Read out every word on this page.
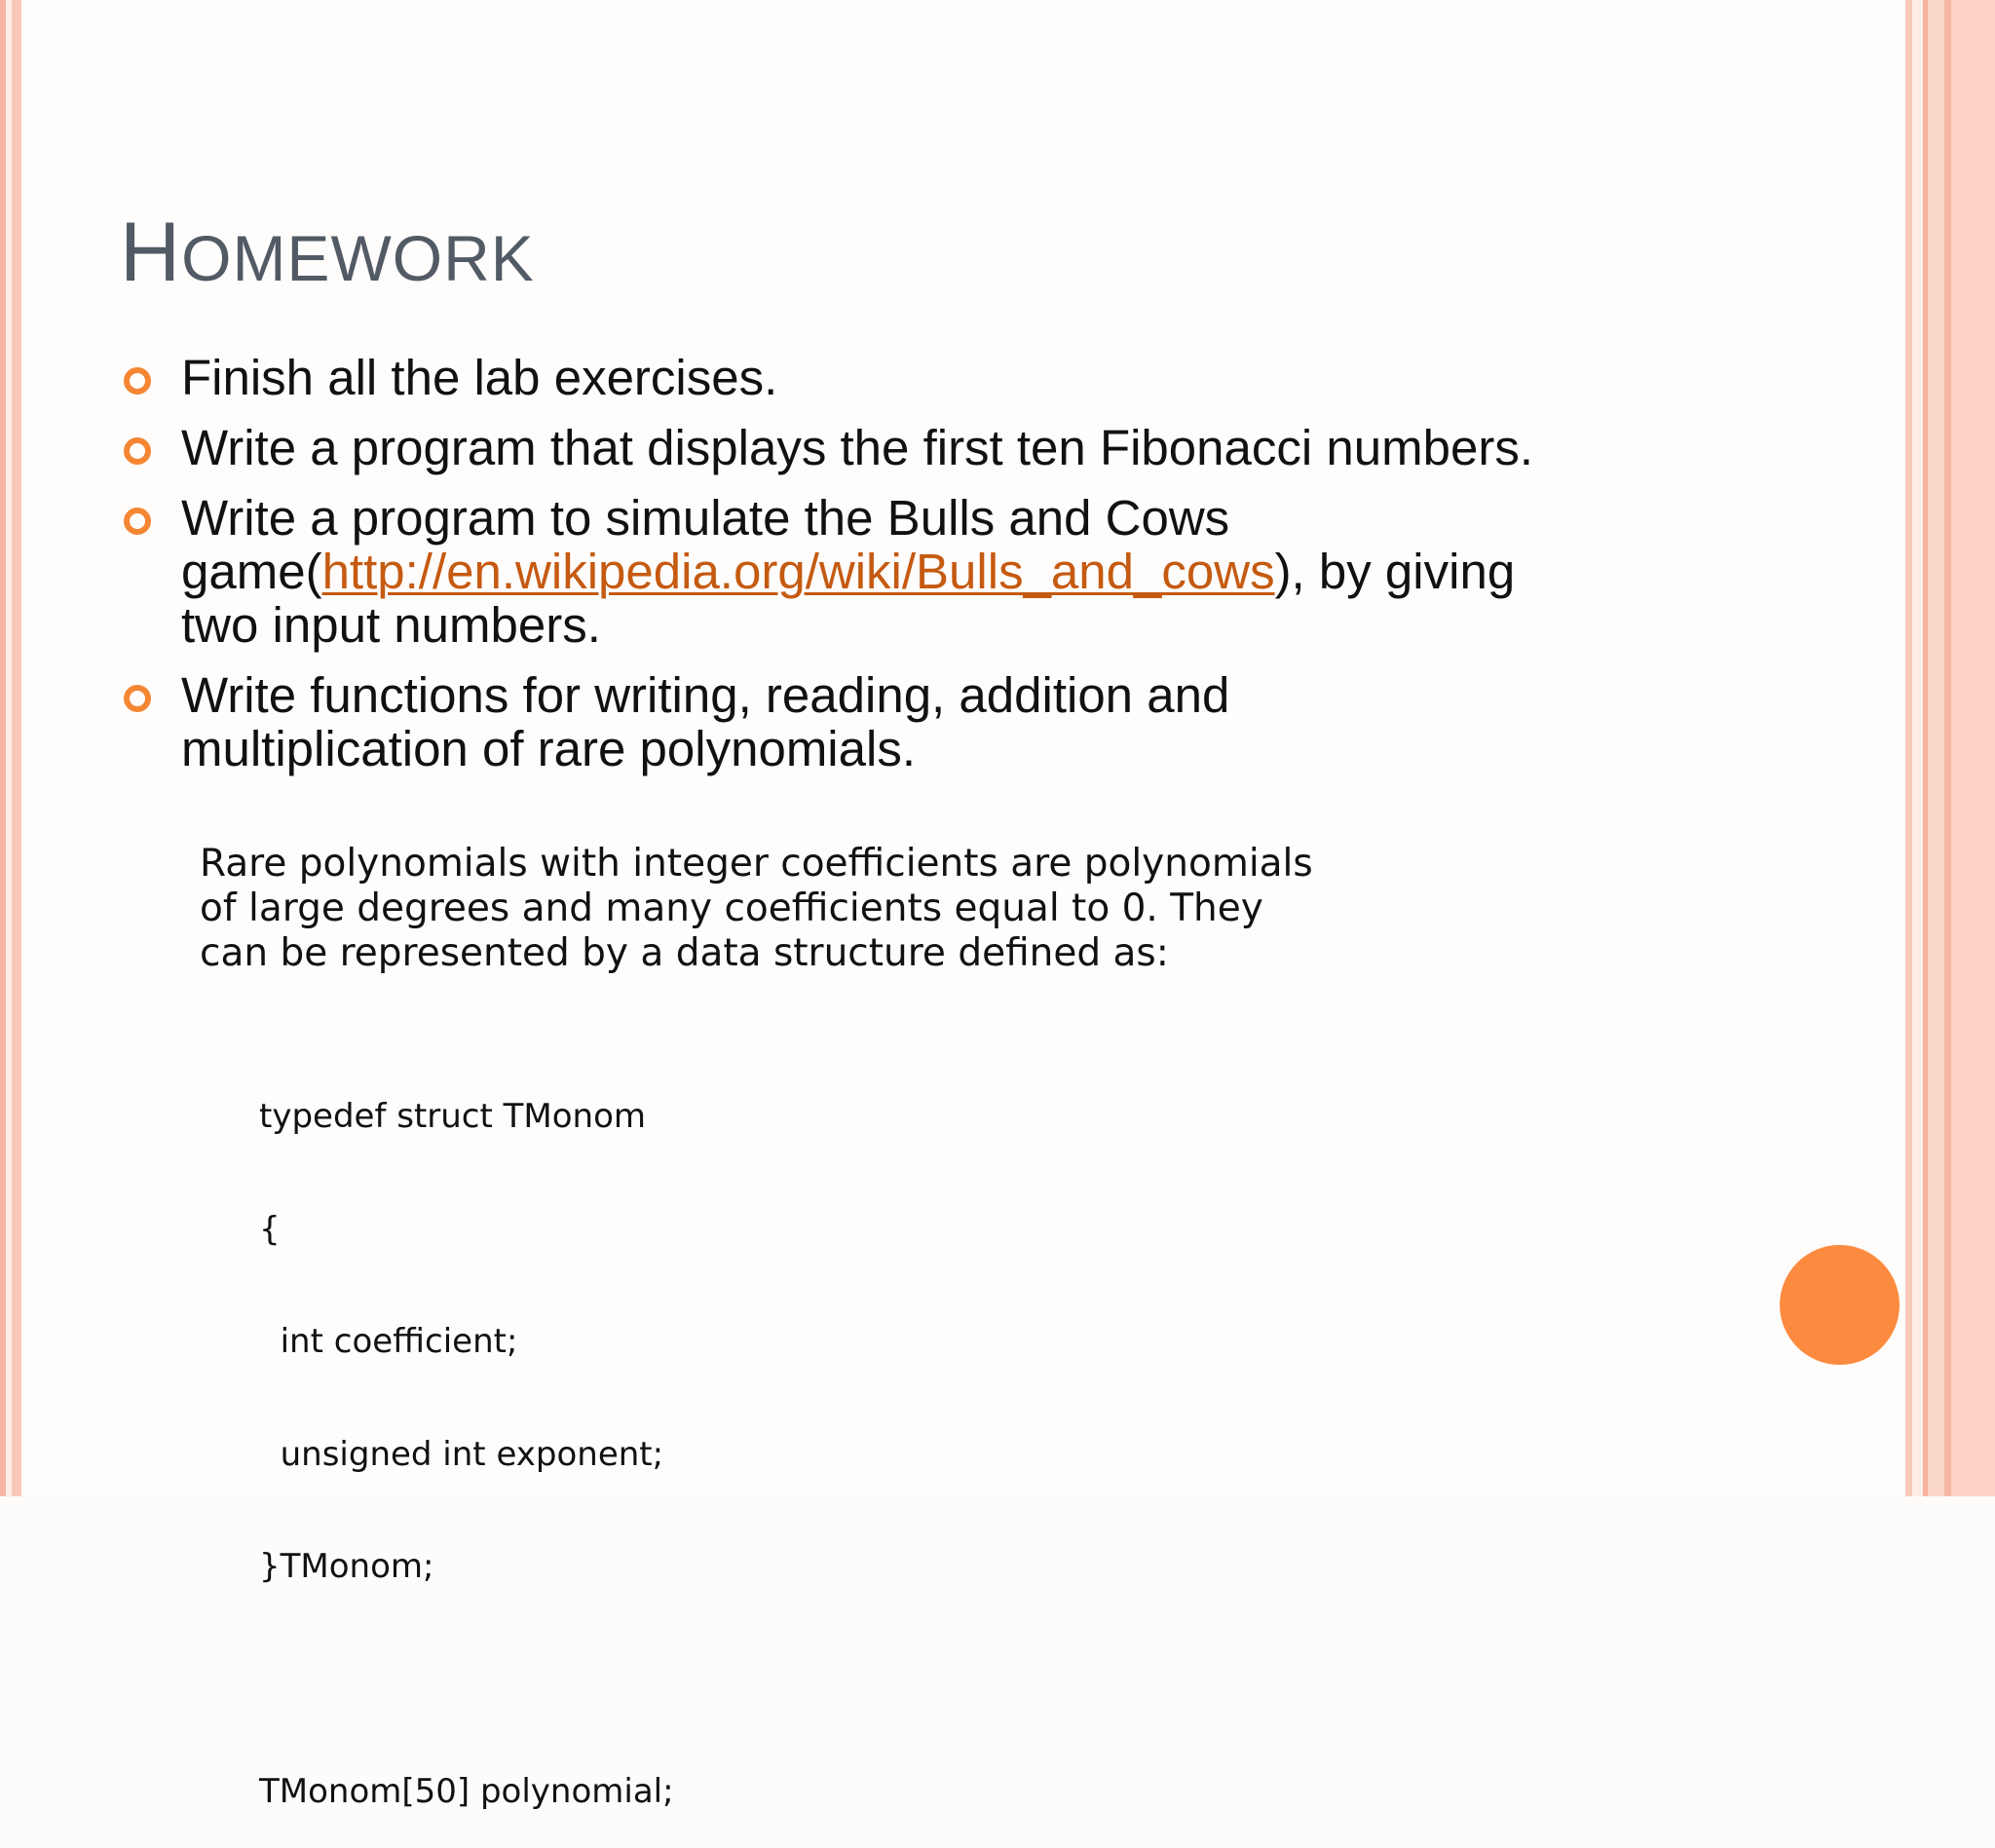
HOMEWORK
Finish all the lab exercises.
Write a program that displays the first ten Fibonacci numbers.
Write a program to simulate the Bulls and Cows
game(http://en.wikipedia.org/wiki/Bulls_and_cows), by giving
two input numbers.
Write functions for writing, reading, addition and
multiplication of rare polynomials.
Rare polynomials with integer coefficients are polynomials
of large degrees and many coefficients equal to 0. They
can be represented by a data structure defined as:

typedef struct TMonom

{

int coefficient;

unsigned int exponent;

}TMonom;

TMonom[50] polynomial;
